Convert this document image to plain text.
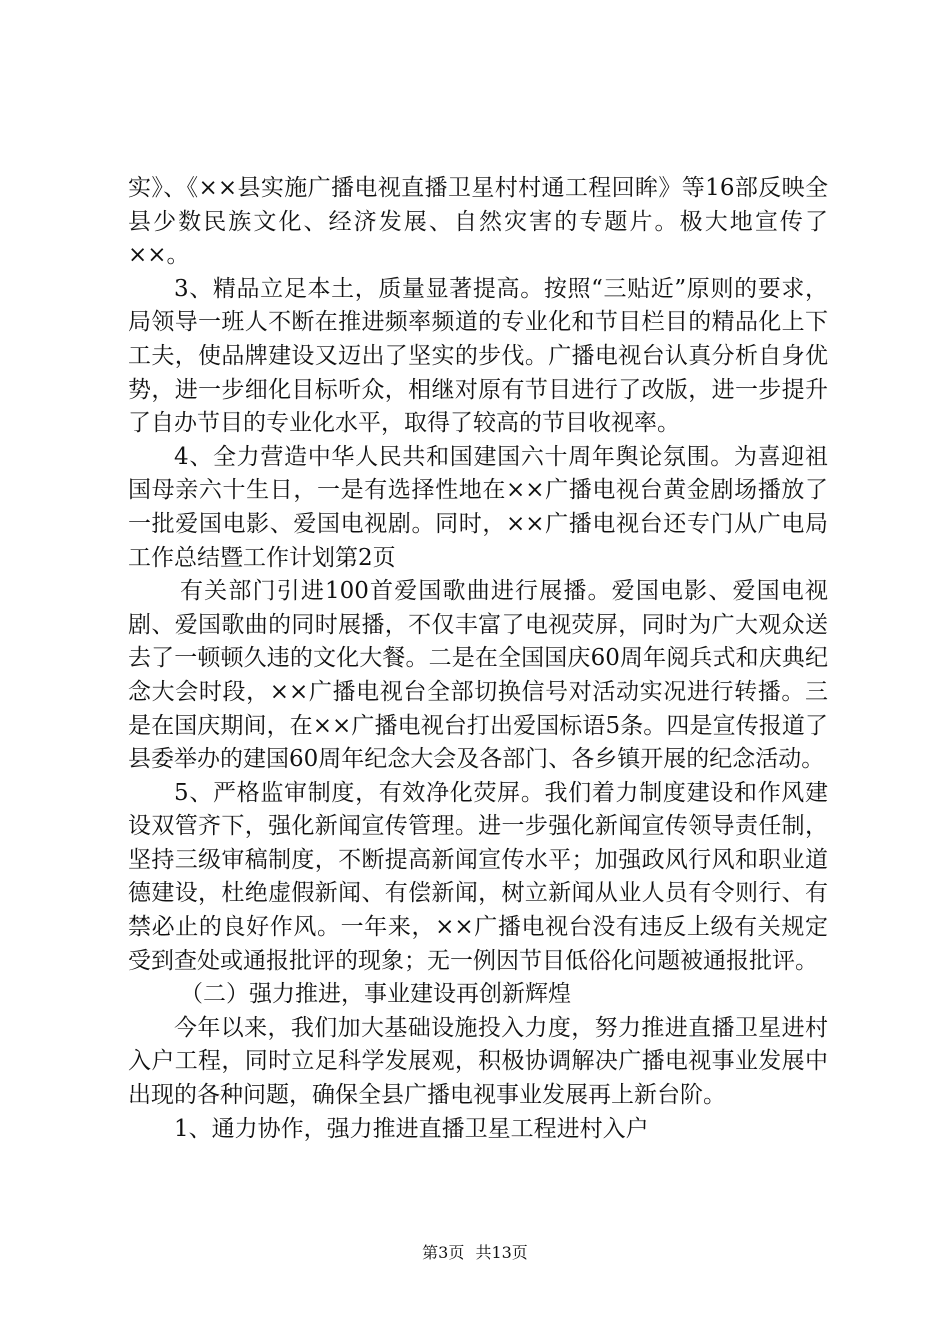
实》、《××县实施广播电视直播卫星村村通工程回眸》等16部反映全县少数民族文化、经济发展、自然灾害的专题片。极大地宣传了××。

3、精品立足本土，质量显著提高。按照“三贴近”原则的要求，局领导一班人不断在推进频率频道的专业化和节目栏目的精品化上下工夫，使品牌建设又迈出了坚实的步伐。广播电视台认真分析自身优势，进一步细化目标听众，相继对原有节目进行了改版，进一步提升了自办节目的专业化水平，取得了较高的节目收视率。

4、全力营造中华人民共和国建国六十周年舆论氛围。为喜迎祖国母亲六十生日，一是有选择性地在××广播电视台黄金剧场播放了一批爱国电影、爱国电视剧。同时，××广播电视台还专门从广电局工作总结暨工作计划第2页

有关部门引进100首爱国歌曲进行展播。爱国电影、爱国电视剧、爱国歌曲的同时展播，不仅丰富了电视荧屏，同时为广大观众送去了一顿顿久违的文化大餐。二是在全国国庆60周年阅兵式和庆典纪念大会时段，××广播电视台全部切换信号对活动实况进行转播。三是在国庆期间，在××广播电视台打出爱国标语5条。四是宣传报道了县委举办的建国60周年纪念大会及各部门、各乡镇开展的纪念活动。

5、严格监审制度，有效净化荧屏。我们着力制度建设和作风建设双管齐下，强化新闻宣传管理。进一步强化新闻宣传领导责任制，坚持三级审稿制度，不断提高新闻宣传水平；加强政风行风和职业道德建设，杜绝虚假新闻、有偿新闻，树立新闻从业人员有令则行、有禁必止的良好作风。一年来，××广播电视台没有违反上级有关规定受到查处或通报批评的现象；无一例因节目低俗化问题被通报批评。

（二）强力推进，事业建设再创新辉煌

今年以来，我们加大基础设施投入力度，努力推进直播卫星进村入户工程，同时立足科学发展观，积极协调解决广播电视事业发展中出现的各种问题，确保全县广播电视事业发展再上新台阶。

1、通力协作，强力推进直播卫星工程进村入户

第3页 共13页
